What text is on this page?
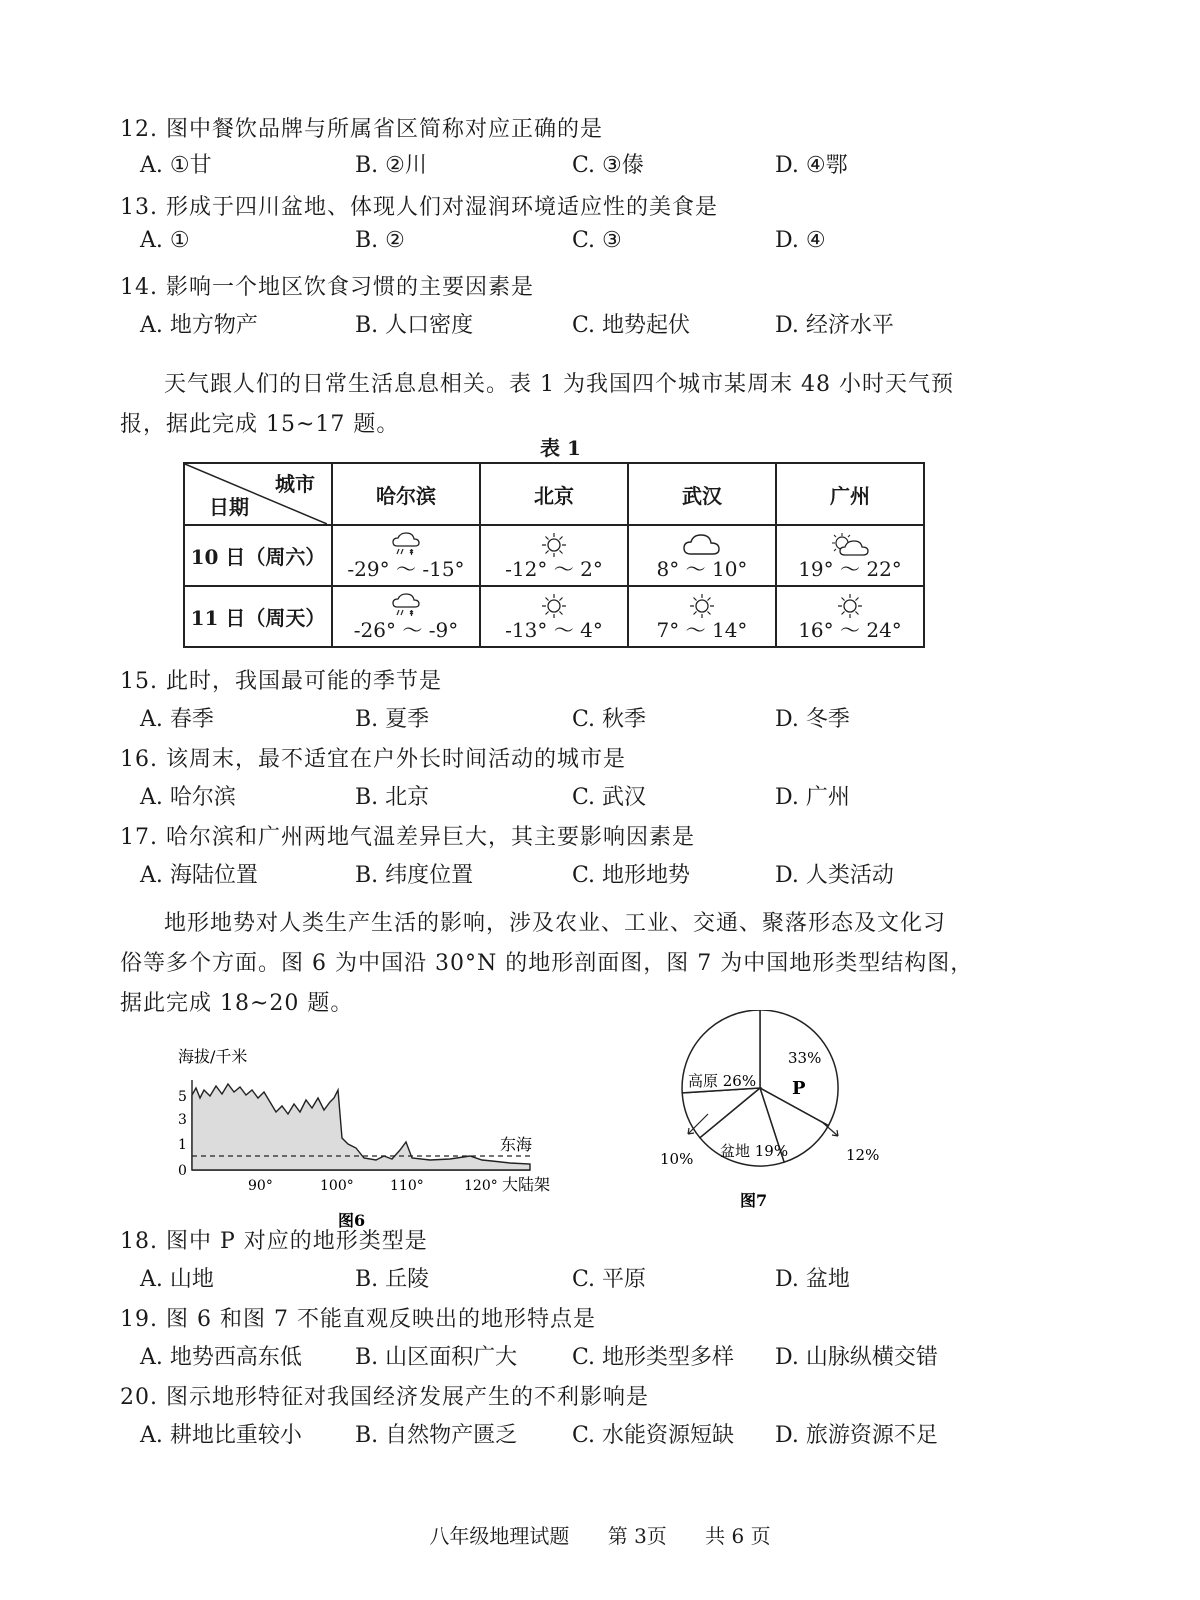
12. 图中餐饮品牌与所属省区简称对应正确的是
A. ①甘	B. ②川	C. ③傣	D. ④鄂
13. 形成于四川盆地、体现人们对湿润环境适应性的美食是
A. ①	B. ②	C. ③	D. ④
14. 影响一个地区饮食习惯的主要因素是
A. 地方物产	B. 人口密度	C. 地势起伏	D. 经济水平
天气跟人们的日常生活息息相关。表 1 为我国四个城市某周末 48 小时天气预
报，据此完成 15~17 题。
表 1
城市
日期	哈尔滨	北京	武汉	广州
10 日（周六）	-29° ～ -15°	-12° ～ 2°	8° ～ 10°	19° ～ 22°

11 日（周天）	-26° ～ -9°	-13° ～ 4°	7° ～ 14°	16° ～ 24°
15. 此时，我国最可能的季节是
A. 春季	B. 夏季	C. 秋季	D. 冬季
16. 该周末，最不适宜在户外长时间活动的城市是
A. 哈尔滨	B. 北京	C. 武汉	D. 广州
17. 哈尔滨和广州两地气温差异巨大，其主要影响因素是
A. 海陆位置	B. 纬度位置	C. 地形地势	D. 人类活动
地形地势对人类生产生活的影响，涉及农业、工业、交通、聚落形态及文化习
俗等多个方面。图 6 为中国沿 30°N 的地形剖面图，图 7 为中国地形类型结构图，
据此完成 18~20 题。
海拔/千米
5
3
1
0
东海
90°	100°	110°	120° 大陆架
图6
33%
P
高原 26%
盆地 19%
10%	12%
图7
18. 图中 P 对应的地形类型是
A. 山地	B. 丘陵	C. 平原	D. 盆地
19. 图 6 和图 7 不能直观反映出的地形特点是
A. 地势西高东低 B. 山区面积广大 C. 地形类型多样 D. 山脉纵横交错
20. 图示地形特征对我国经济发展产生的不利影响是
A. 耕地比重较小 B. 自然物产匮乏 C. 水能资源短缺 D. 旅游资源不足
八年级地理试题 第 3页 共 6 页
